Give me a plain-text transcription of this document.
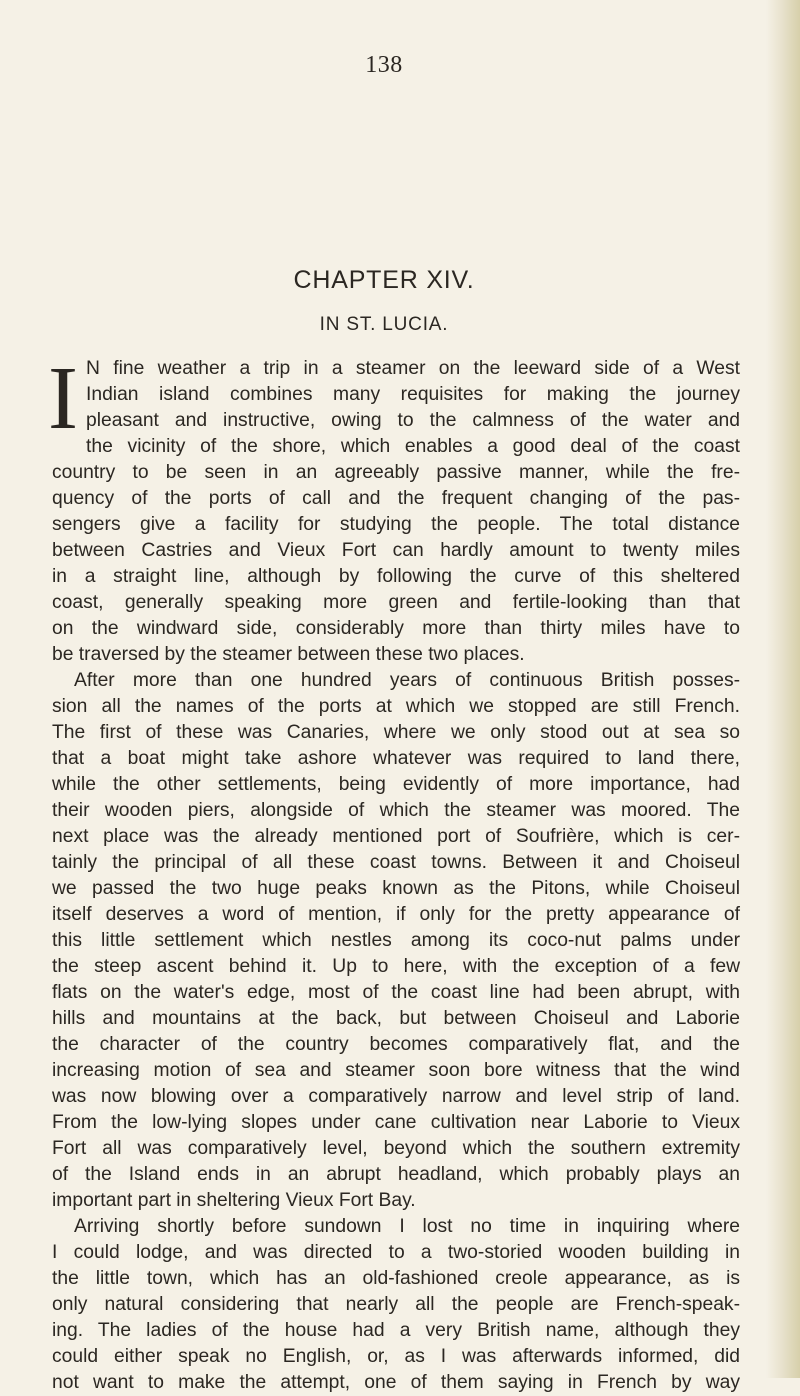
138
CHAPTER XIV.
IN ST. LUCIA.
I N fine weather a trip in a steamer on the leeward side of a West
Indian island combines many requisites for making the journey
pleasant and instructive, owing to the calmness of the water and
the vicinity of the shore, which enables a good deal of the coast
country to be seen in an agreeably passive manner, while the fre-
quency of the ports of call and the frequent changing of the pas-
sengers give a facility for studying the people. The total distance
between Castries and Vieux Fort can hardly amount to twenty miles
in a straight line, although by following the curve of this sheltered
coast, generally speaking more green and fertile-looking than that
on the windward side, considerably more than thirty miles have to
be traversed by the steamer between these two places.
After more than one hundred years of continuous British posses-
sion all the names of the ports at which we stopped are still French.
The first of these was Canaries, where we only stood out at sea so
that a boat might take ashore whatever was required to land there,
while the other settlements, being evidently of more importance, had
their wooden piers, alongside of which the steamer was moored. The
next place was the already mentioned port of Soufrière, which is cer-
tainly the principal of all these coast towns. Between it and Choiseul
we passed the two huge peaks known as the Pitons, while Choiseul
itself deserves a word of mention, if only for the pretty appearance of
this little settlement which nestles among its coco-nut palms under
the steep ascent behind it. Up to here, with the exception of a few
flats on the water's edge, most of the coast line had been abrupt, with
hills and mountains at the back, but between Choiseul and Laborie
the character of the country becomes comparatively flat, and the
increasing motion of sea and steamer soon bore witness that the wind
was now blowing over a comparatively narrow and level strip of land.
From the low-lying slopes under cane cultivation near Laborie to Vieux
Fort all was comparatively level, beyond which the southern extremity
of the Island ends in an abrupt headland, which probably plays an
important part in sheltering Vieux Fort Bay.
Arriving shortly before sundown I lost no time in inquiring where
I could lodge, and was directed to a two-storied wooden building in
the little town, which has an old-fashioned creole appearance, as is
only natural considering that nearly all the people are French-speak-
ing. The ladies of the house had a very British name, although they
could either speak no English, or, as I was afterwards informed, did
not want to make the attempt, one of them saying in French by way
